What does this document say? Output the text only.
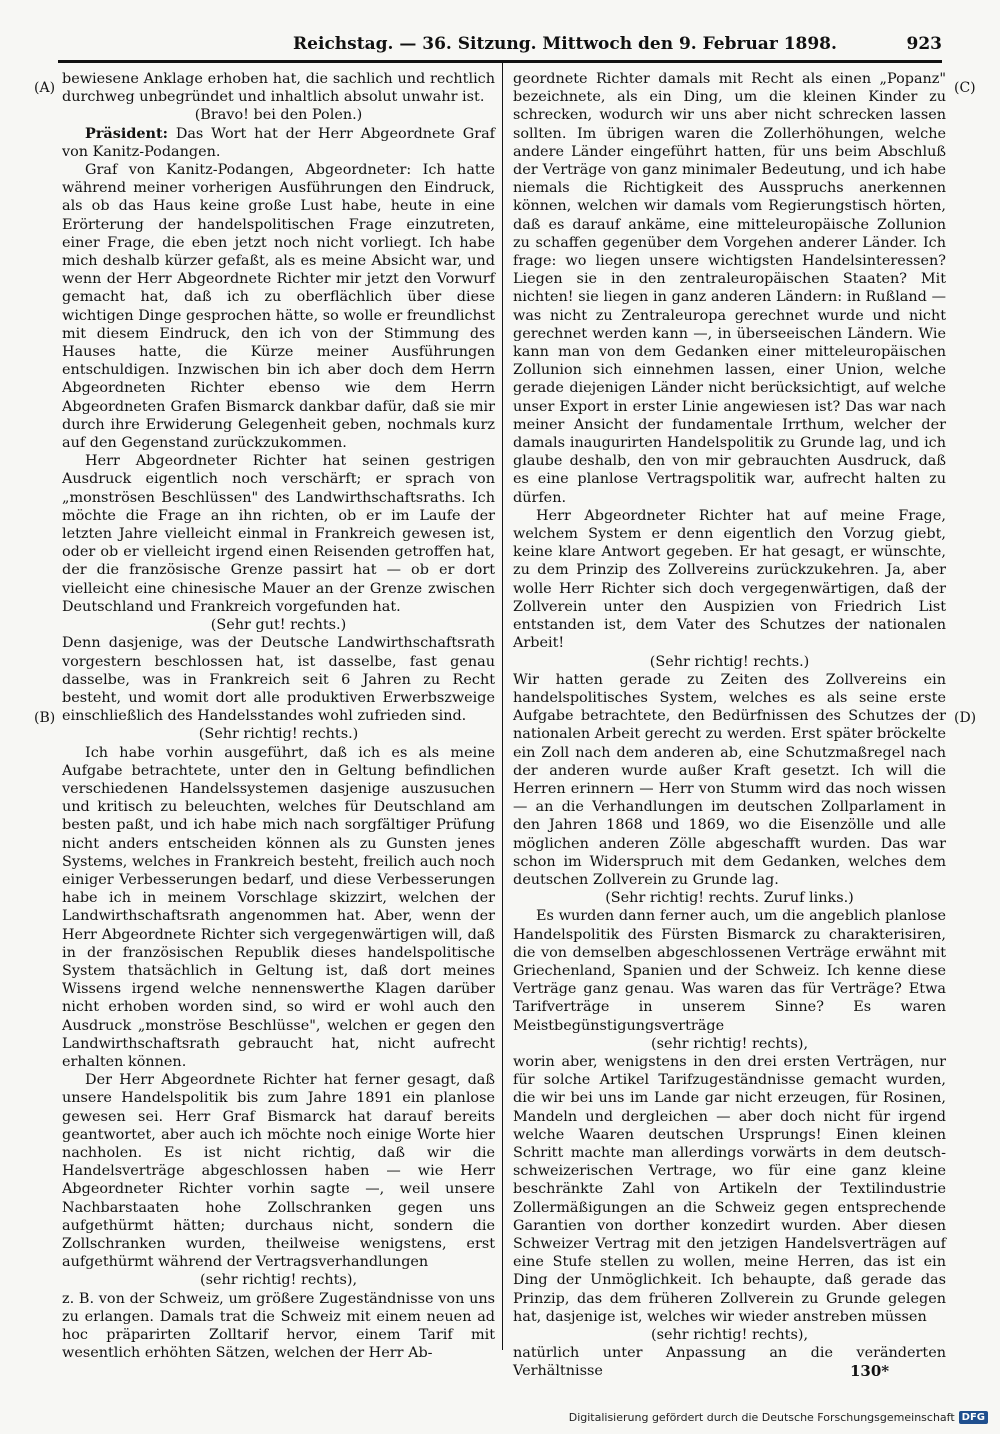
Reichstag. — 36. Sitzung. Mittwoch den 9. Februar 1898.	923
(A)
(B)
(C)
(D)

bewiesene Anklage erhoben hat, die sachlich und rechtlich durchweg unbegründet und inhaltlich absolut unwahr ist.

(Bravo! bei den Polen.)

Präsident: Das Wort hat der Herr Abgeordnete Graf von Kanitz-Podangen.

Graf von Kanitz-Podangen, Abgeordneter: Ich hatte während meiner vorherigen Ausführungen den Eindruck, als ob das Haus keine große Lust habe, heute in eine Erörterung der handelspolitischen Frage einzutreten, einer Frage, die eben jetzt noch nicht vorliegt. Ich habe mich deshalb kürzer gefaßt, als es meine Absicht war, und wenn der Herr Abgeordnete Richter mir jetzt den Vorwurf gemacht hat, daß ich zu oberflächlich über diese wichtigen Dinge gesprochen hätte, so wolle er freundlichst mit diesem Eindruck, den ich von der Stimmung des Hauses hatte, die Kürze meiner Ausführungen entschuldigen. Inzwischen bin ich aber doch dem Herrn Abgeordneten Richter ebenso wie dem Herrn Abgeordneten Grafen Bismarck dankbar dafür, daß sie mir durch ihre Erwiderung Gelegenheit geben, nochmals kurz auf den Gegenstand zurückzukommen.

Herr Abgeordneter Richter hat seinen gestrigen Ausdruck eigentlich noch verschärft; er sprach von „monströsen Beschlüssen" des Landwirthschaftsraths. Ich möchte die Frage an ihn richten, ob er im Laufe der letzten Jahre vielleicht einmal in Frankreich gewesen ist, oder ob er vielleicht irgend einen Reisenden getroffen hat, der die französische Grenze passirt hat — ob er dort vielleicht eine chinesische Mauer an der Grenze zwischen Deutschland und Frankreich vorgefunden hat.

(Sehr gut! rechts.)

Denn dasjenige, was der Deutsche Landwirthschaftsrath vorgestern beschlossen hat, ist dasselbe, fast genau dasselbe, was in Frankreich seit 6 Jahren zu Recht besteht, und womit dort alle produktiven Erwerbszweige einschließlich des Handelsstandes wohl zufrieden sind.

(Sehr richtig! rechts.)

Ich habe vorhin ausgeführt, daß ich es als meine Aufgabe betrachtete, unter den in Geltung befindlichen verschiedenen Handelssystemen dasjenige auszusuchen und kritisch zu beleuchten, welches für Deutschland am besten paßt, und ich habe mich nach sorgfältiger Prüfung nicht anders entscheiden können als zu Gunsten jenes Systems, welches in Frankreich besteht, freilich auch noch einiger Verbesserungen bedarf, und diese Verbesserungen habe ich in meinem Vorschlage skizzirt, welchen der Landwirthschaftsrath angenommen hat. Aber, wenn der Herr Abgeordnete Richter sich vergegenwärtigen will, daß in der französischen Republik dieses handelspolitische System thatsächlich in Geltung ist, daß dort meines Wissens irgend welche nennenswerthe Klagen darüber nicht erhoben worden sind, so wird er wohl auch den Ausdruck „monströse Beschlüsse", welchen er gegen den Landwirthschaftsrath gebraucht hat, nicht aufrecht erhalten können.

Der Herr Abgeordnete Richter hat ferner gesagt, daß unsere Handelspolitik bis zum Jahre 1891 ein planlose gewesen sei. Herr Graf Bismarck hat darauf bereits geantwortet, aber auch ich möchte noch einige Worte hier nachholen. Es ist nicht richtig, daß wir die Handelsverträge abgeschlossen haben — wie Herr Abgeordneter Richter vorhin sagte —, weil unsere Nachbarstaaten hohe Zollschranken gegen uns aufgethürmt hätten; durchaus nicht, sondern die Zollschranken wurden, theilweise wenigstens, erst aufgethürmt während der Vertragsverhandlungen

(sehr richtig! rechts),

z. B. von der Schweiz, um größere Zugeständnisse von uns zu erlangen. Damals trat die Schweiz mit einem neuen ad hoc präparirten Zolltarif hervor, einem Tarif mit wesentlich erhöhten Sätzen, welchen der Herr Ab-

geordnete Richter damals mit Recht als einen „Popanz" bezeichnete, als ein Ding, um die kleinen Kinder zu schrecken, wodurch wir uns aber nicht schrecken lassen sollten. Im übrigen waren die Zollerhöhungen, welche andere Länder eingeführt hatten, für uns beim Abschluß der Verträge von ganz minimaler Bedeutung, und ich habe niemals die Richtigkeit des Ausspruchs anerkennen können, welchen wir damals vom Regierungstisch hörten, daß es darauf ankäme, eine mitteleuropäische Zollunion zu schaffen gegenüber dem Vorgehen anderer Länder. Ich frage: wo liegen unsere wichtigsten Handelsinteressen? Liegen sie in den zentraleuropäischen Staaten? Mit nichten! sie liegen in ganz anderen Ländern: in Rußland — was nicht zu Zentraleuropa gerechnet wurde und nicht gerechnet werden kann —, in überseeischen Ländern. Wie kann man von dem Gedanken einer mitteleuropäischen Zollunion sich einnehmen lassen, einer Union, welche gerade diejenigen Länder nicht berücksichtigt, auf welche unser Export in erster Linie angewiesen ist? Das war nach meiner Ansicht der fundamentale Irrthum, welcher der damals inaugurirten Handelspolitik zu Grunde lag, und ich glaube deshalb, den von mir gebrauchten Ausdruck, daß es eine planlose Vertragspolitik war, aufrecht halten zu dürfen.

Herr Abgeordneter Richter hat auf meine Frage, welchem System er denn eigentlich den Vorzug giebt, keine klare Antwort gegeben. Er hat gesagt, er wünschte, zu dem Prinzip des Zollvereins zurückzukehren. Ja, aber wolle Herr Richter sich doch vergegenwärtigen, daß der Zollverein unter den Auspizien von Friedrich List entstanden ist, dem Vater des Schutzes der nationalen Arbeit!

(Sehr richtig! rechts.)

Wir hatten gerade zu Zeiten des Zollvereins ein handelspolitisches System, welches es als seine erste Aufgabe betrachtete, den Bedürfnissen des Schutzes der nationalen Arbeit gerecht zu werden. Erst später bröckelte ein Zoll nach dem anderen ab, eine Schutzmaßregel nach der anderen wurde außer Kraft gesetzt. Ich will die Herren erinnern — Herr von Stumm wird das noch wissen — an die Verhandlungen im deutschen Zollparlament in den Jahren 1868 und 1869, wo die Eisenzölle und alle möglichen anderen Zölle abgeschafft wurden. Das war schon im Widerspruch mit dem Gedanken, welches dem deutschen Zollverein zu Grunde lag.

(Sehr richtig! rechts. Zuruf links.)

Es wurden dann ferner auch, um die angeblich planlose Handelspolitik des Fürsten Bismarck zu charakterisiren, die von demselben abgeschlossenen Verträge erwähnt mit Griechenland, Spanien und der Schweiz. Ich kenne diese Verträge ganz genau. Was waren das für Verträge? Etwa Tarifverträge in unserem Sinne? Es waren Meistbegünstigungsverträge

(sehr richtig! rechts),

worin aber, wenigstens in den drei ersten Verträgen, nur für solche Artikel Tarifzugeständnisse gemacht wurden, die wir bei uns im Lande gar nicht erzeugen, für Rosinen, Mandeln und dergleichen — aber doch nicht für irgend welche Waaren deutschen Ursprungs! Einen kleinen Schritt machte man allerdings vorwärts in dem deutsch-schweizerischen Vertrage, wo für eine ganz kleine beschränkte Zahl von Artikeln der Textilindustrie Zollermäßigungen an die Schweiz gegen entsprechende Garantien von dorther konzedirt wurden. Aber diesen Schweizer Vertrag mit den jetzigen Handelsverträgen auf eine Stufe stellen zu wollen, meine Herren, das ist ein Ding der Unmöglichkeit. Ich behaupte, daß gerade das Prinzip, das dem früheren Zollverein zu Grunde gelegen hat, dasjenige ist, welches wir wieder anstreben müssen

(sehr richtig! rechts),

natürlich unter Anpassung an die veränderten Verhältnisse	130*
Digitalisierung gefördert durch die Deutsche Forschungsgemeinschaft DFG
